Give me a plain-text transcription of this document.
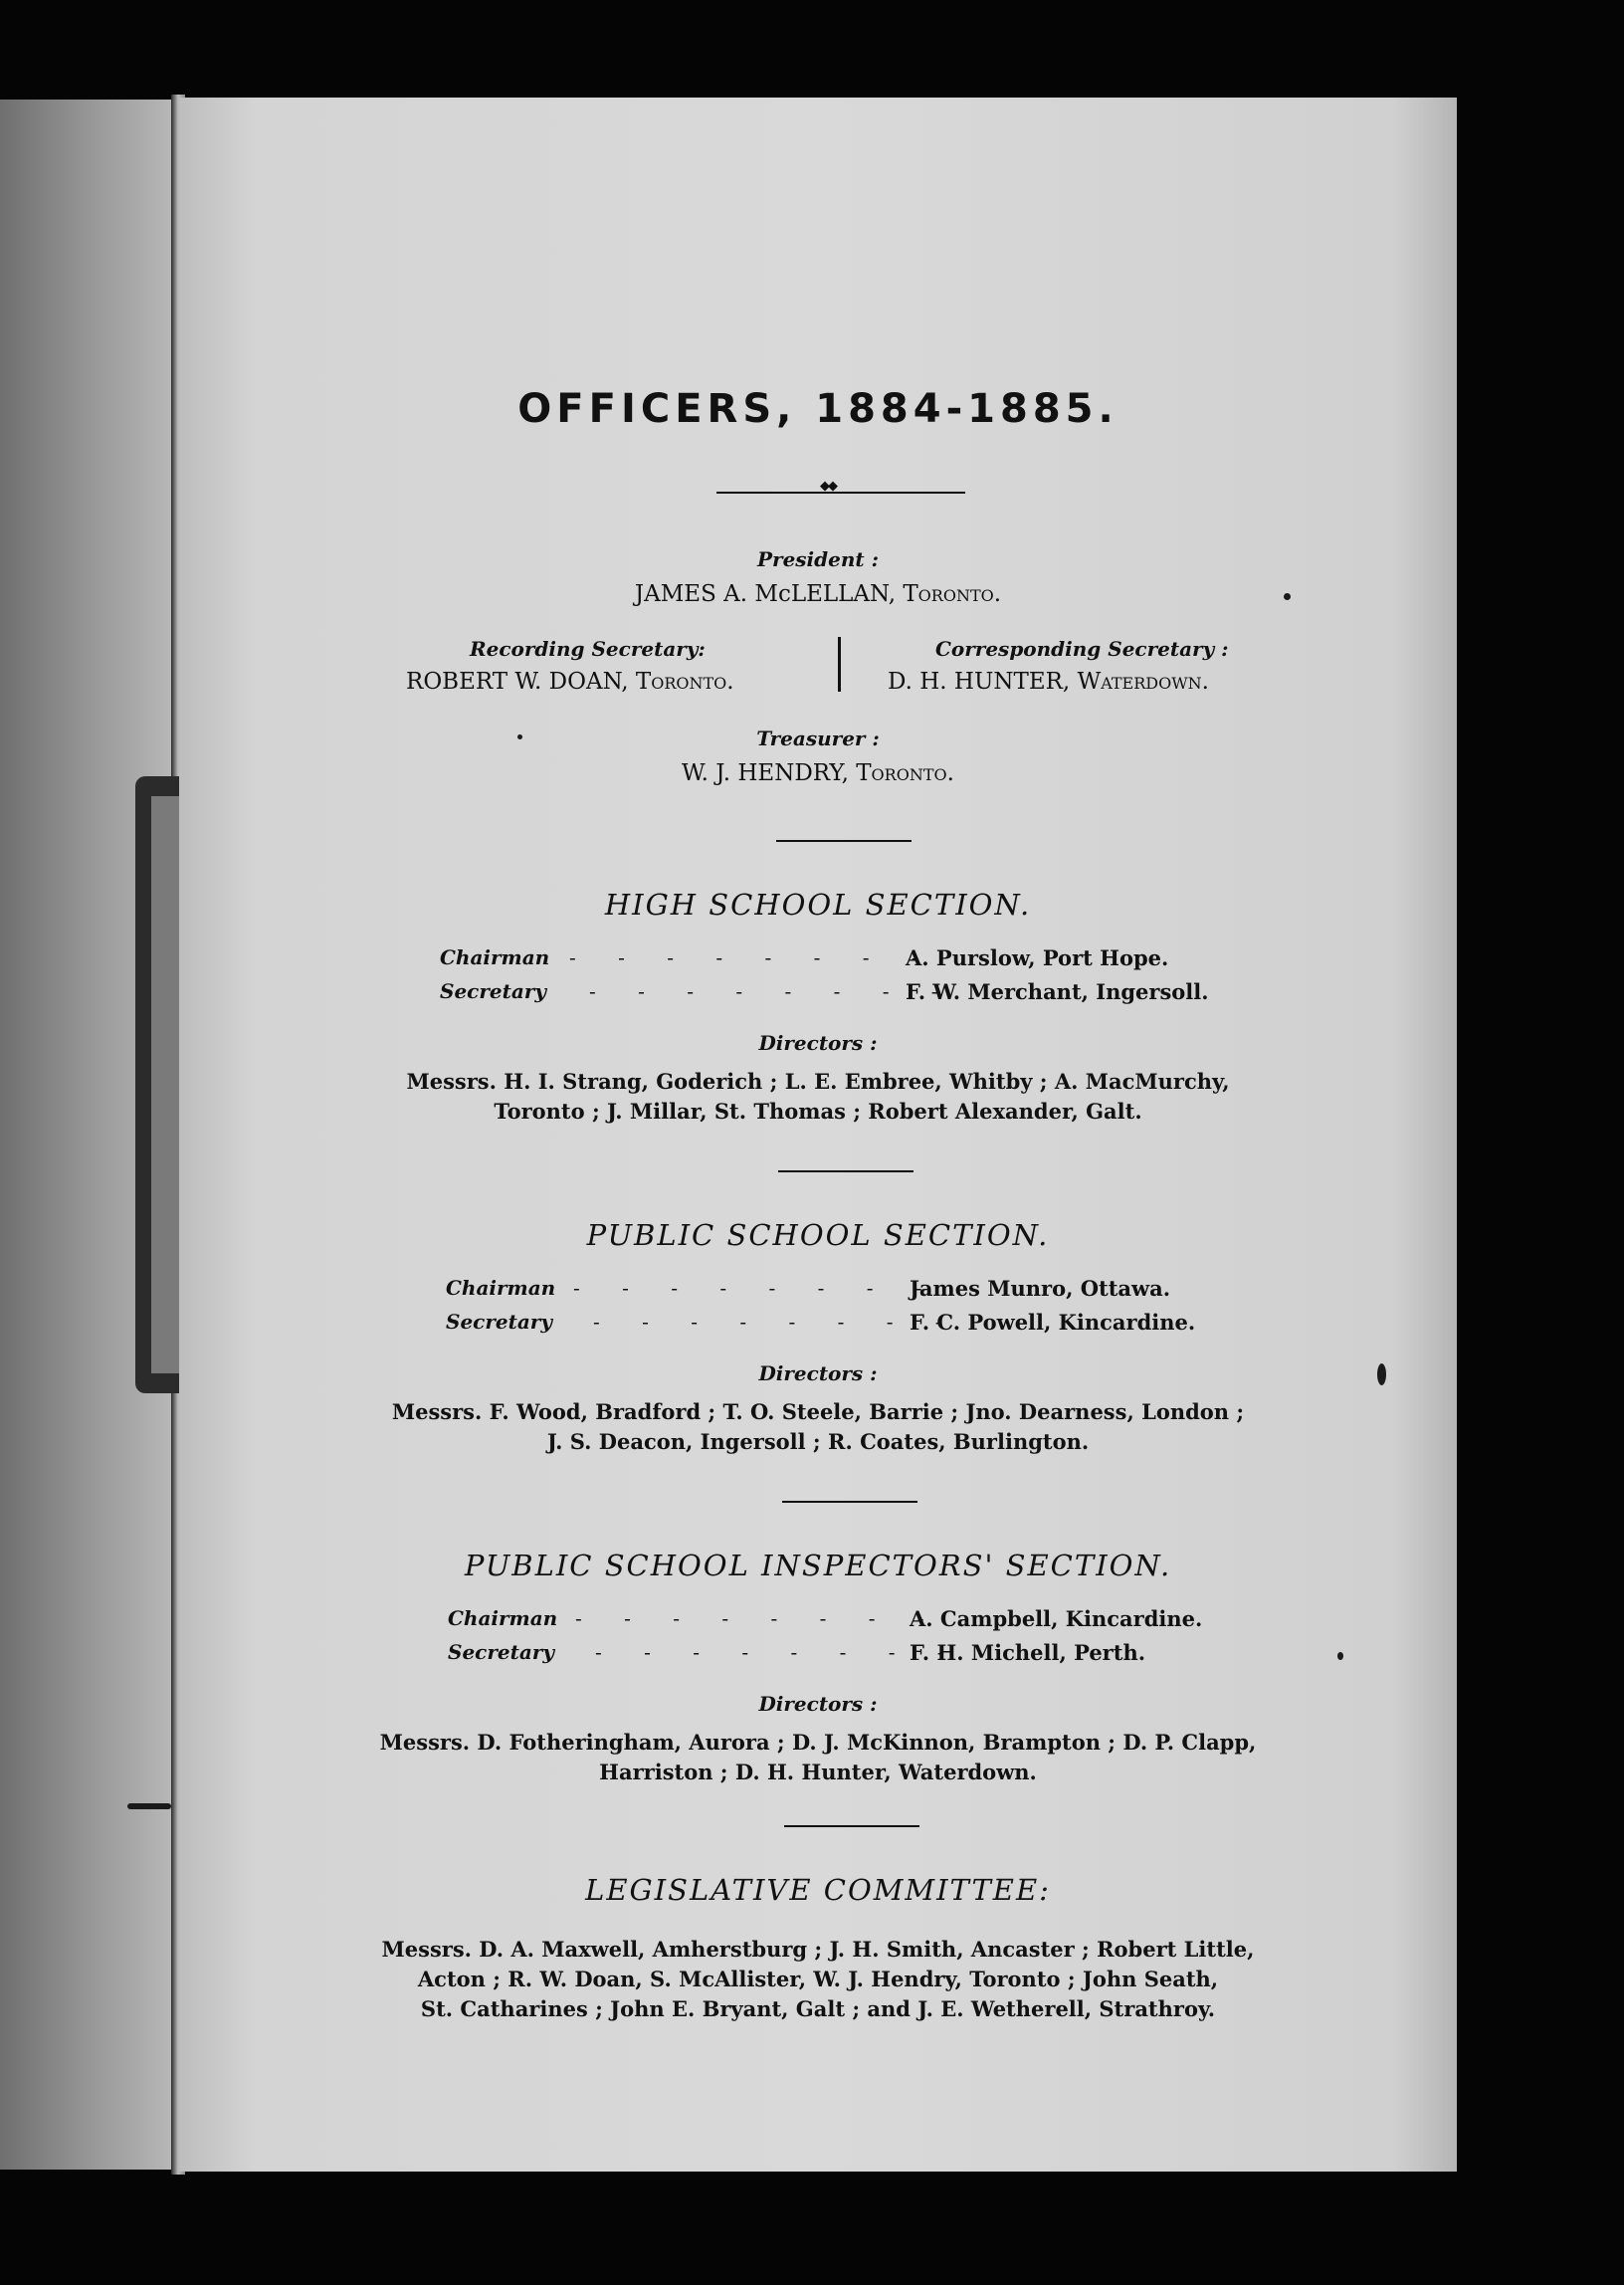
OFFICERS, 1884-1885.
◆◆
President :
JAMES A. McLELLAN, Toronto.
Recording Secretary:
ROBERT W. DOAN, Toronto.
Corresponding Secretary :
D. H. HUNTER, Waterdown.
Treasurer :
W. J. HENDRY, Toronto.
HIGH SCHOOL SECTION.
Chairman - - - - - - - -
A. Purslow, Port Hope.
Secretary - - - - - - - -
F. W. Merchant, Ingersoll.
Directors :
Messrs. H. I. Strang, Goderich ; L. E. Embree, Whitby ; A. MacMurchy,
Toronto ; J. Millar, St. Thomas ; Robert Alexander, Galt.
PUBLIC SCHOOL SECTION.
Chairman - - - - - - - -
James Munro, Ottawa.
Secretary - - - - - - - -
F. C. Powell, Kincardine.
Directors :
Messrs. F. Wood, Bradford ; T. O. Steele, Barrie ; Jno. Dearness, London ;
J. S. Deacon, Ingersoll ; R. Coates, Burlington.
PUBLIC SCHOOL INSPECTORS' SECTION.
Chairman - - - - - - - -
A. Campbell, Kincardine.
Secretary - - - - - - - -
F. H. Michell, Perth.
Directors :
Messrs. D. Fotheringham, Aurora ; D. J. McKinnon, Brampton ; D. P. Clapp,
Harriston ; D. H. Hunter, Waterdown.
LEGISLATIVE COMMITTEE:
Messrs. D. A. Maxwell, Amherstburg ; J. H. Smith, Ancaster ; Robert Little,
Acton ; R. W. Doan, S. McAllister, W. J. Hendry, Toronto ; John Seath,
St. Catharines ; John E. Bryant, Galt ; and J. E. Wetherell, Strathroy.
